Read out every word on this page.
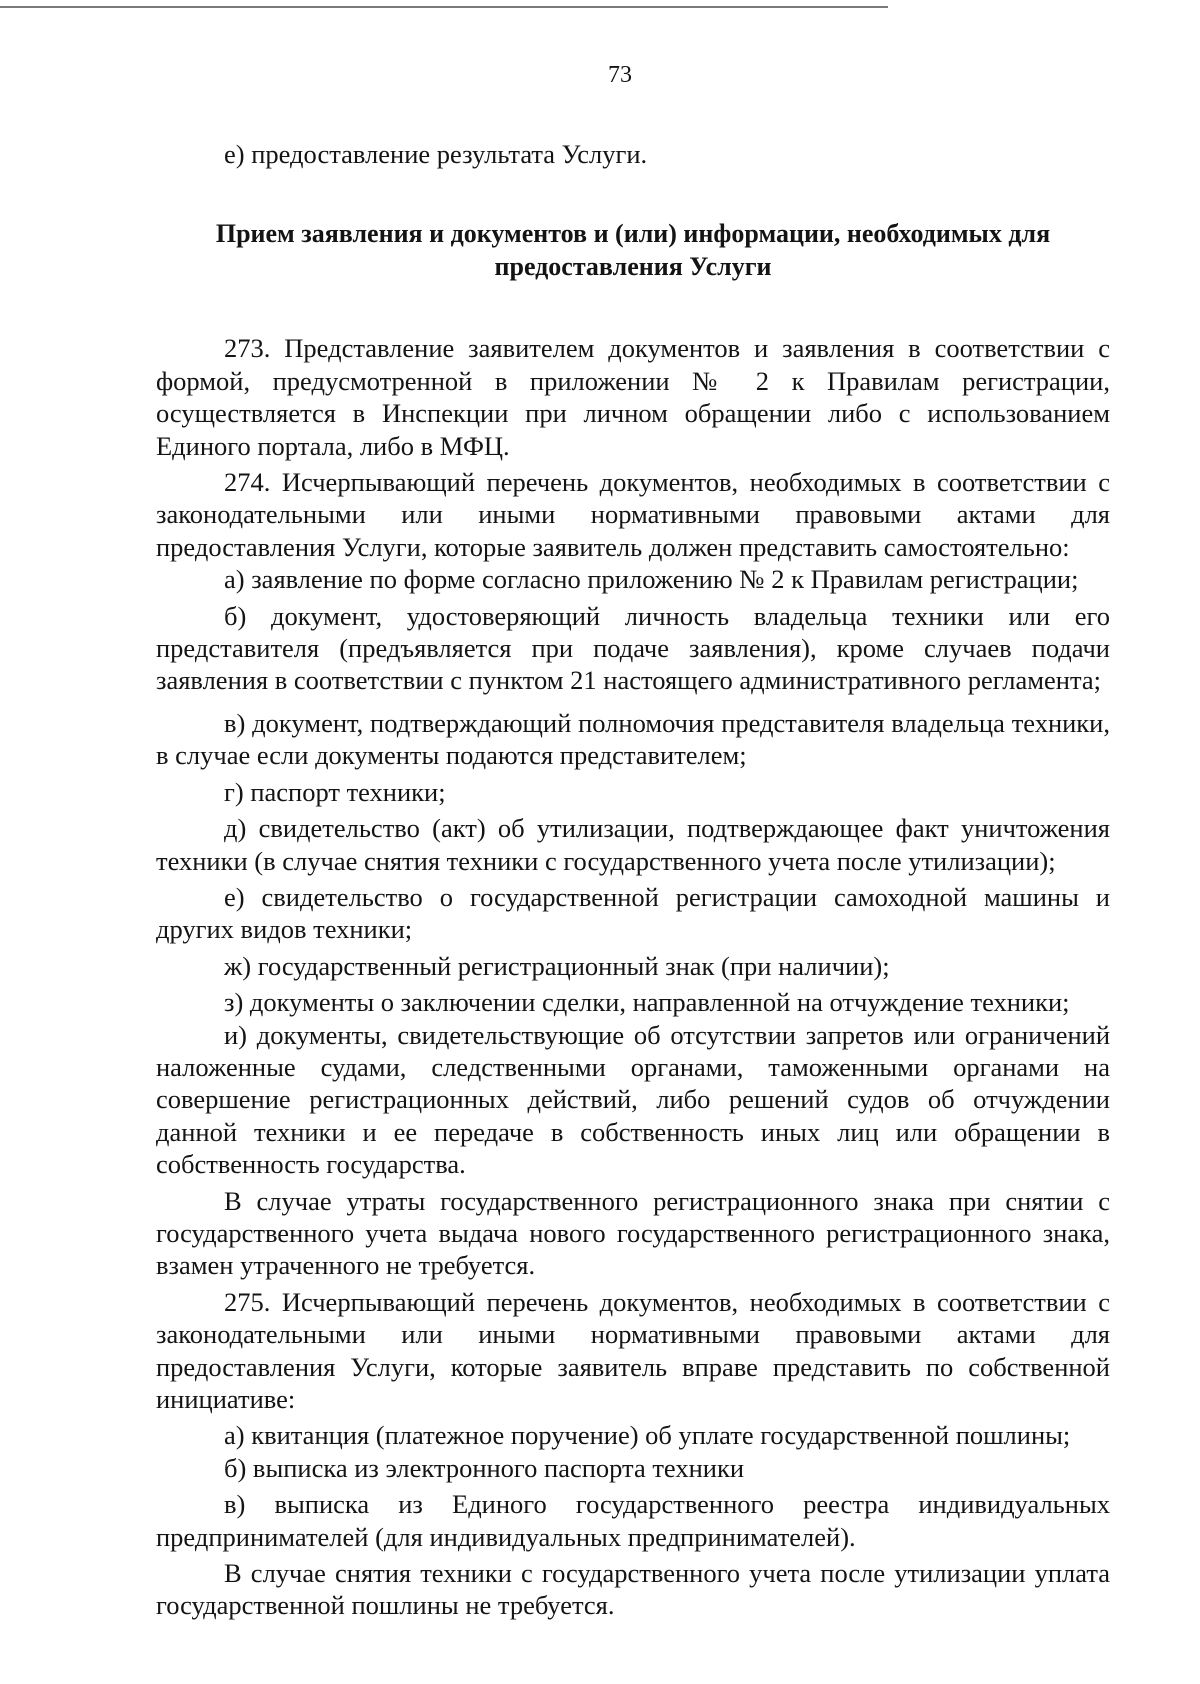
73

е) предоставление результата Услуги.

Прием заявления и документов и (или) информации, необходимых для
предоставления Услуги

273. Представление заявителем документов и заявления в соответствии с формой, предусмотренной в приложении № 2 к Правилам регистрации, осуществляется в Инспекции при личном обращении либо с использованием Единого портала, либо в МФЦ.

274. Исчерпывающий перечень документов, необходимых в соответствии с законодательными или иными нормативными правовыми актами для предоставления Услуги, которые заявитель должен представить самостоятельно:

а) заявление по форме согласно приложению № 2 к Правилам регистрации;

б) документ, удостоверяющий личность владельца техники или его представителя (предъявляется при подаче заявления), кроме случаев подачи заявления в соответствии с пунктом 21 настоящего административного регламента;

в) документ, подтверждающий полномочия представителя владельца техники, в случае если документы подаются представителем;

г) паспорт техники;

д) свидетельство (акт) об утилизации, подтверждающее факт уничтожения техники (в случае снятия техники с государственного учета после утилизации);

е) свидетельство о государственной регистрации самоходной машины и других видов техники;

ж) государственный регистрационный знак (при наличии);

з) документы о заключении сделки, направленной на отчуждение техники;

и) документы, свидетельствующие об отсутствии запретов или ограничений наложенные судами, следственными органами, таможенными органами на совершение регистрационных действий, либо решений судов об отчуждении данной техники и ее передаче в собственность иных лиц или обращении в собственность государства.

В случае утраты государственного регистрационного знака при снятии с государственного учета выдача нового государственного регистрационного знака, взамен утраченного не требуется.

275. Исчерпывающий перечень документов, необходимых в соответствии с законодательными или иными нормативными правовыми актами для предоставления Услуги, которые заявитель вправе представить по собственной инициативе:

а) квитанция (платежное поручение) об уплате государственной пошлины;

б) выписка из электронного паспорта техники

в) выписка из Единого государственного реестра индивидуальных предпринимателей (для индивидуальных предпринимателей).

В случае снятия техники с государственного учета после утилизации уплата государственной пошлины не требуется.
